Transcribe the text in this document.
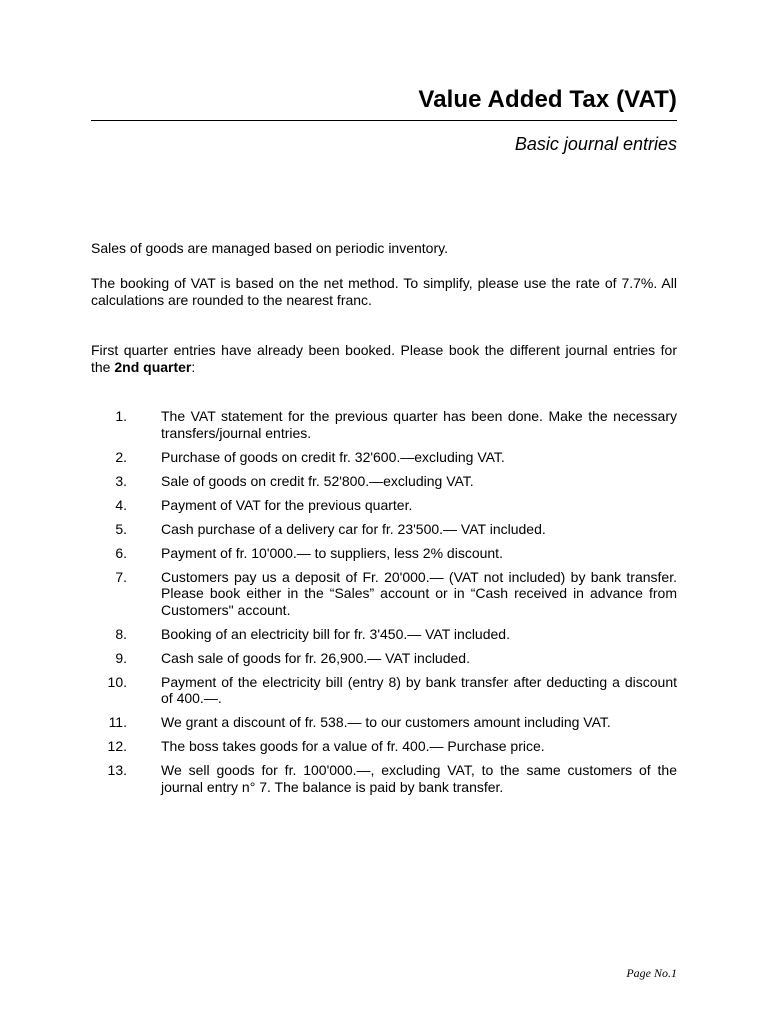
Value Added Tax (VAT)
Basic journal entries
Sales of goods are managed based on periodic inventory.
The booking of VAT is based on the net method. To simplify, please use the rate of 7.7%. All calculations are rounded to the nearest franc.
First quarter entries have already been booked. Please book the different journal entries for the 2nd quarter:
1. The VAT statement for the previous quarter has been done. Make the necessary transfers/journal entries.
2. Purchase of goods on credit fr. 32'600.—excluding VAT.
3. Sale of goods on credit fr. 52'800.—excluding VAT.
4. Payment of VAT for the previous quarter.
5. Cash purchase of a delivery car for fr. 23'500.— VAT included.
6. Payment of fr. 10'000.— to suppliers, less 2% discount.
7. Customers pay us a deposit of Fr. 20'000.— (VAT not included) by bank transfer. Please book either in the “Sales” account or in “Cash received in advance from Customers" account.
8. Booking of an electricity bill for fr. 3'450.— VAT included.
9. Cash sale of goods for fr. 26,900.— VAT included.
10. Payment of the electricity bill (entry 8) by bank transfer after deducting a discount of 400.—.
11. We grant a discount of fr. 538.— to our customers amount including VAT.
12. The boss takes goods for a value of fr. 400.— Purchase price.
13. We sell goods for fr. 100'000.—, excluding VAT, to the same customers of the journal entry n° 7. The balance is paid by bank transfer.
Page No.1
